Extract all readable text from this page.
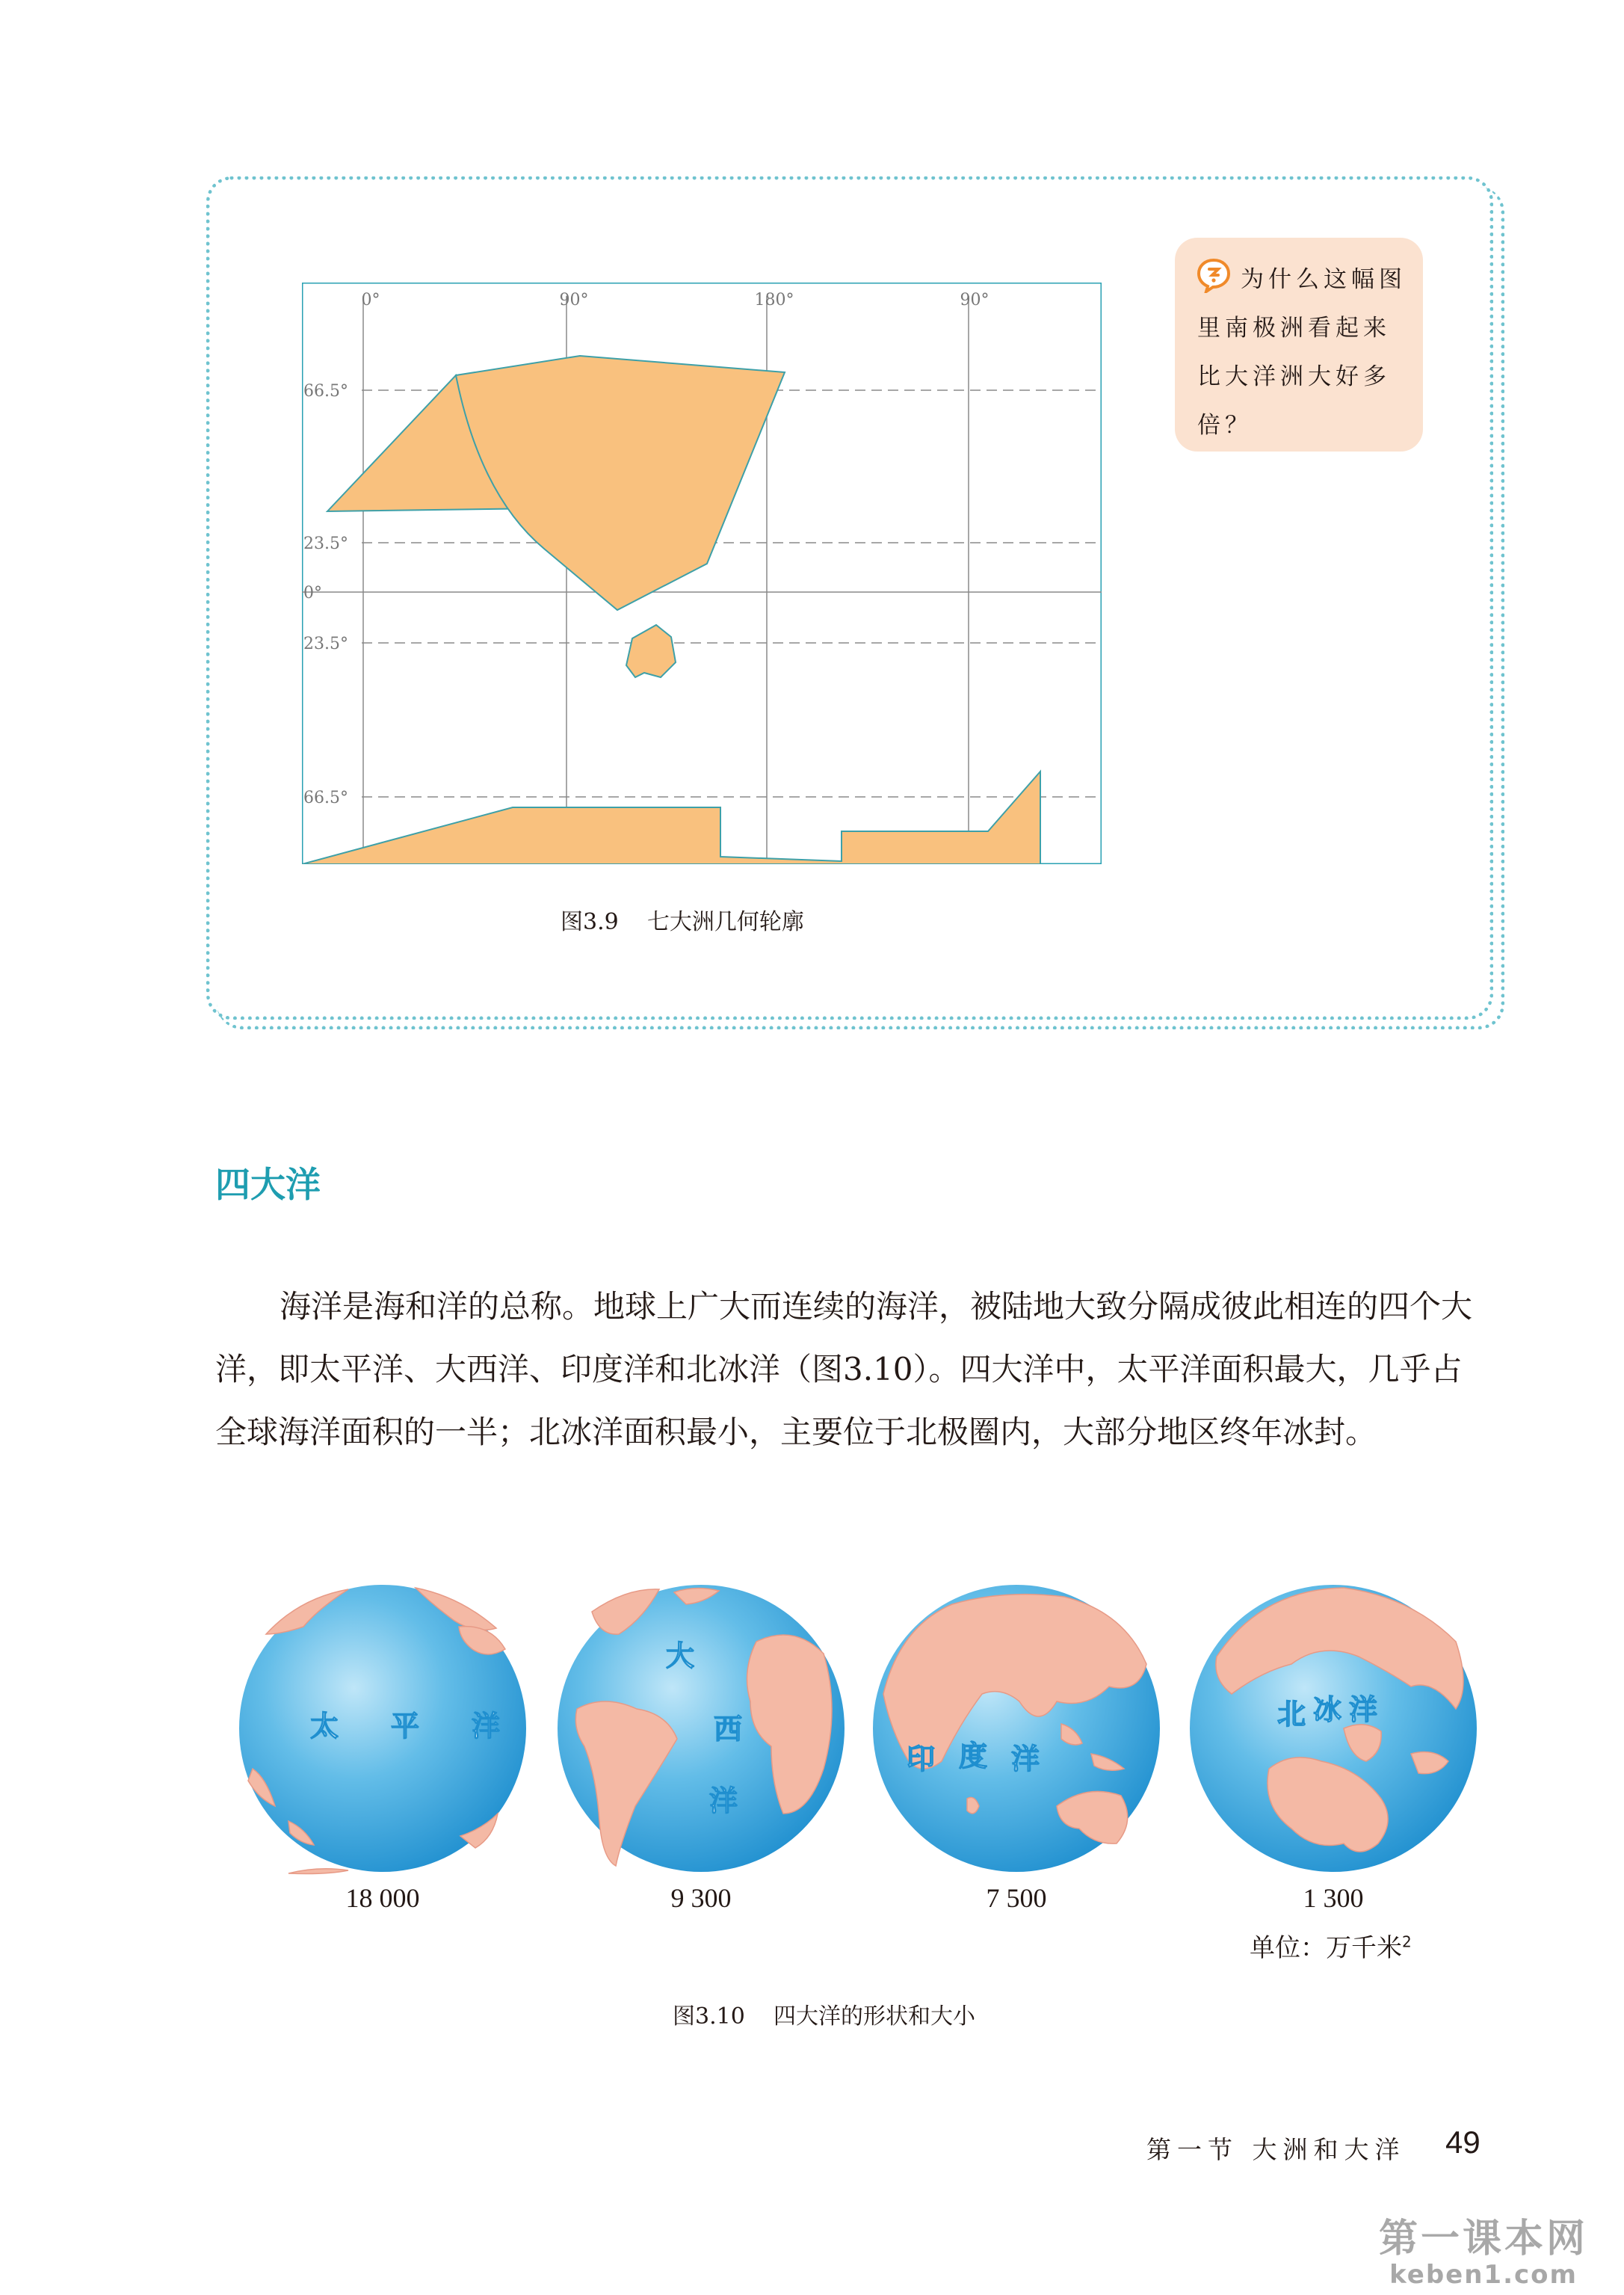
0°	90°	180°	90°
66.5°
23.5°
0°
23.5°
66.5°
图3.9    七大洲几何轮廓
为什么这幅图里南极洲看起来比大洋洲大好多倍？
四大洋
海洋是海和洋的总称。地球上广大而连续的海洋，被陆地大致分隔成彼此相连的四个大洋，即太平洋、大西洋、印度洋和北冰洋（图3.10）。四大洋中，太平洋面积最大，几乎占全球海洋面积的一半；北冰洋面积最小，主要位于北极圈内，大部分地区终年冰封。
太 平 洋
大
西
洋
印 度 洋
北 冰 洋
18 000	9 300	7 500	1 300
单位：万千米$^2$
图3.10    四大洋的形状和大小
第一节 大洲和大洋 49
第一课本网
keben1.com
